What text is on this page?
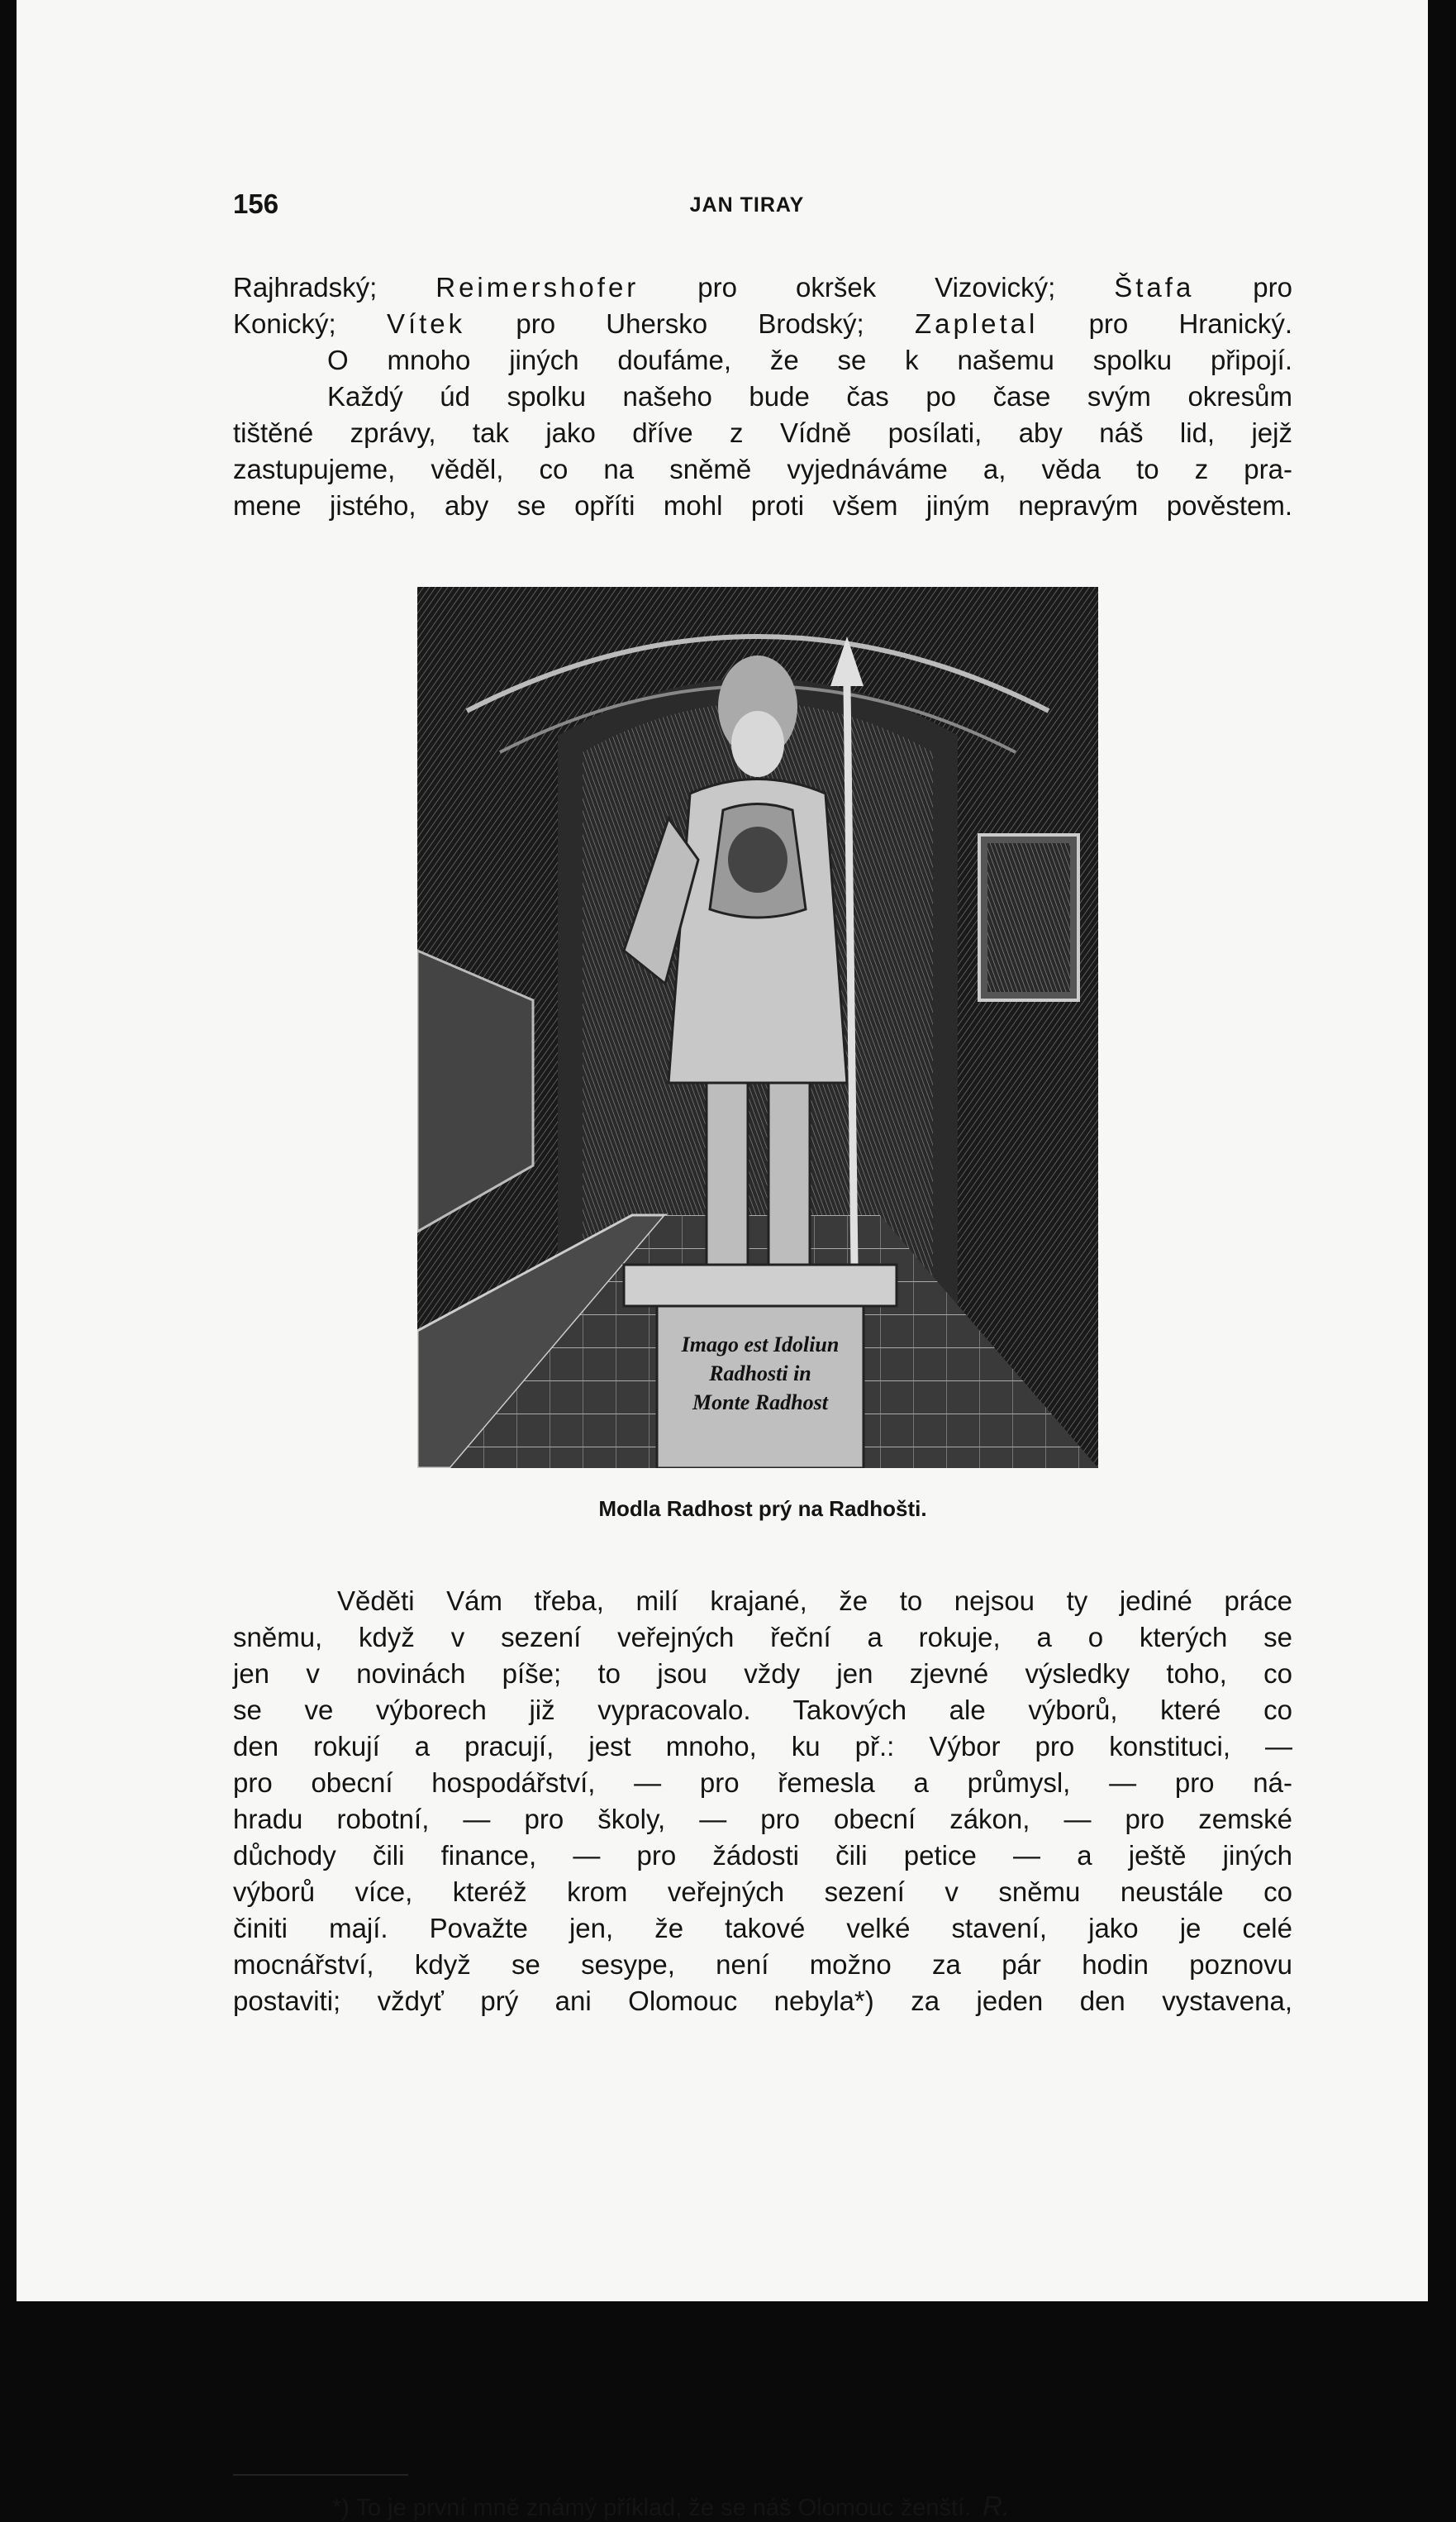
156	JAN TIRAY
Rajhradský; Reimershofer pro okršek Vizovický; Štafa pro
Konický; Vítek pro Uhersko Brodský; Zapletal pro Hranický.
O mnoho jiných doufáme, že se k našemu spolku připojí.
Každý úd spolku našeho bude čas po čase svým okresům
tištěné zprávy, tak jako dříve z Vídně posílati, aby náš lid, jejž
zastupujeme, věděl, co na sněmě vyjednáváme a, věda to z pra-
mene jistého, aby se opříti mohl proti všem jiným nepravým pověstem.
Imago est Idoliun
Radhosti in
Monte Radhost
Modla Radhost prý na Radhošti.
Věděti Vám třeba, milí krajané, že to nejsou ty jediné práce
sněmu, když v sezení veřejných řeční a rokuje, a o kterých se
jen v novinách píše; to jsou vždy jen zjevné výsledky toho, co
se ve výborech již vypracovalo. Takových ale výborů, které co
den rokují a pracují, jest mnoho, ku př.: Výbor pro konstituci, —
pro obecní hospodářství, — pro řemesla a průmysl, — pro ná-
hradu robotní, — pro školy, — pro obecní zákon, — pro zemské
důchody čili finance, — pro žádosti čili petice — a ještě jiných
výborů více, kteréž krom veřejných sezení v sněmu neustále co
činiti mají. Považte jen, že takové velké stavení, jako je celé
mocnářství, když se sesype, není možno za pár hodin poznovu
postaviti; vždyť prý ani Olomouc nebyla*) za jeden den vystavena,
*) To je první mně známý příklad, že se náš Olomouc ženští. R.
